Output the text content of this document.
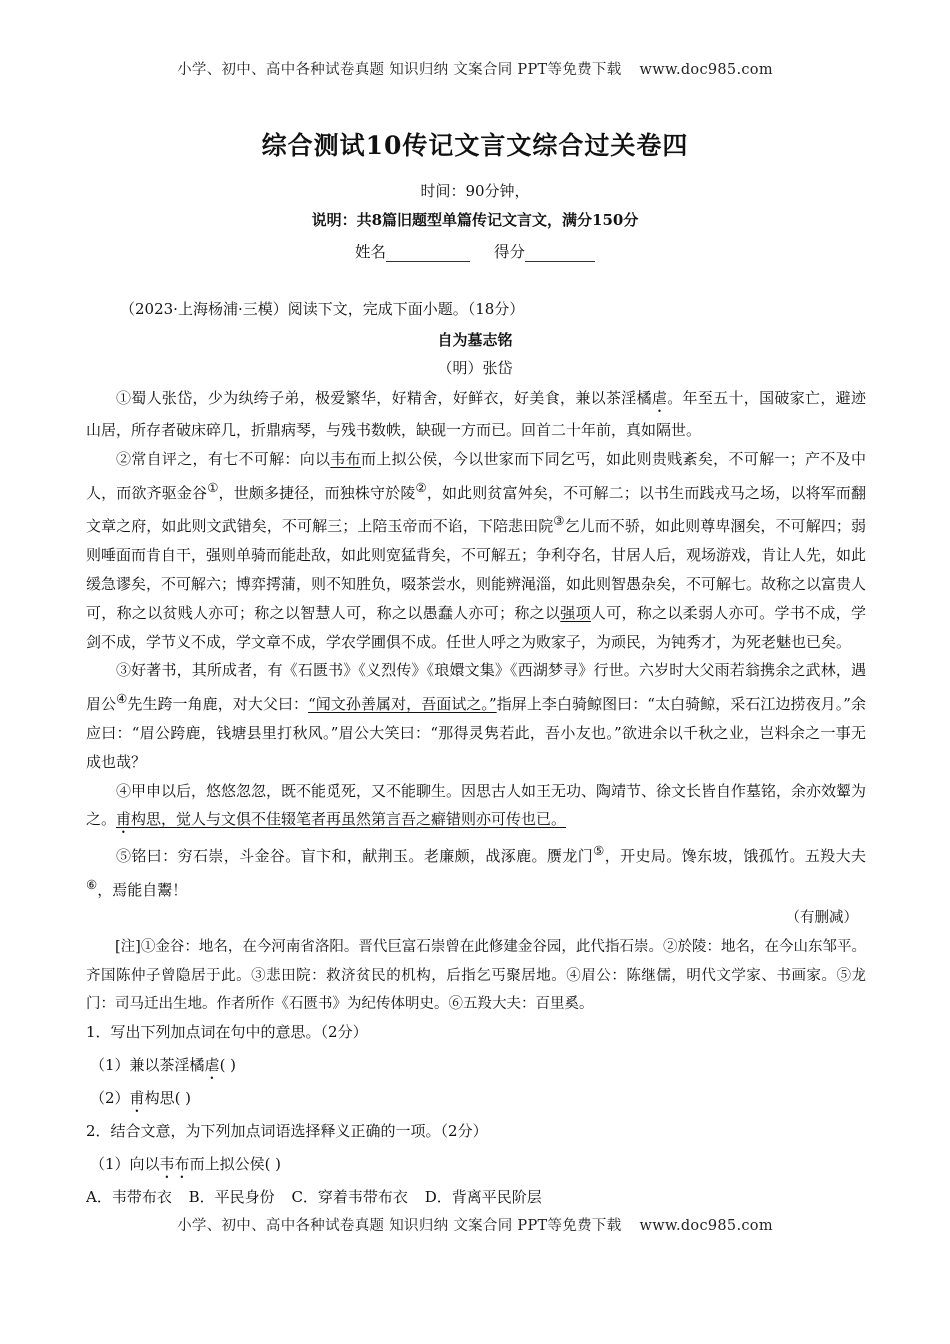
小学、初中、高中各种试卷真题 知识归纳 文案合同 PPT等免费下载 www.doc985.com
综合测试10传记文言文综合过关卷四
时间：90分钟，
说明：共8篇旧题型单篇传记文言文，满分150分
姓名	得分
（2023·上海杨浦·三模）阅读下文，完成下面小题。（18分）
自为墓志铭
（明）张岱

①蜀人张岱，少为纨绔子弟，极爱繁华，好精舍，好鲜衣，好美食，兼以茶淫橘虐。年至五十，国破家亡，避迹山居，所存者破床碎几，折鼎病琴，与残书数帙，缺砚一方而已。回首二十年前，真如隔世。

②常自评之，有七不可解：向以韦布而上拟公侯，今以世家而下同乞丐，如此则贵贱紊矣，不可解一；产不及中人，而欲齐驱金谷①，世颇多捷径，而独株守於陵②，如此则贫富舛矣，不可解二；以书生而践戎马之场，以将军而翻文章之府，如此则文武错矣，不可解三；上陪玉帝而不谄，下陪悲田院③乞儿而不骄，如此则尊卑溷矣，不可解四；弱则唾面而肯自干，强则单骑而能赴敌，如此则宽猛背矣，不可解五；争利夺名，甘居人后，观场游戏，肯让人先，如此缓急谬矣，不可解六；博弈摴蒲，则不知胜负，啜茶尝水，则能辨渑淄，如此则智愚杂矣，不可解七。故称之以富贵人可，称之以贫贱人亦可；称之以智慧人可，称之以愚蠢人亦可；称之以强项人可，称之以柔弱人亦可。学书不成，学剑不成，学节义不成，学文章不成，学农学圃俱不成。任世人呼之为败家子，为顽民，为钝秀才，为死老魅也已矣。

③好著书，其所成者，有《石匮书》《义烈传》《琅嬛文集》《西湖梦寻》行世。六岁时大父雨若翁携余之武林，遇眉公④先生跨一角鹿，对大父曰：“闻文孙善属对，吾面试之。”指屏上李白骑鲸图曰：“太白骑鲸，采石江边捞夜月。”余应曰：“眉公跨鹿，钱塘县里打秋风。”眉公大笑曰：“那得灵隽若此，吾小友也。”欲进余以千秋之业，岂料余之一事无成也哉？

④甲申以后，悠悠忽忽，既不能觅死，又不能聊生。因思古人如王无功、陶靖节、徐文长皆自作墓铭，余亦效颦为之。甫构思，觉人与文俱不佳辍笔者再虽然第言吾之癖错则亦可传也已。

⑤铭曰：穷石崇，斗金谷。盲卞和，献荆玉。老廉颇，战涿鹿。赝龙门⑤，开史局。馋东坡，饿孤竹。五羖大夫⑥，焉能自鬻！

（有删减）
[注]①金谷：地名，在今河南省洛阳。晋代巨富石崇曾在此修建金谷园，此代指石崇。②於陵：地名，在今山东邹平。齐国陈仲子曾隐居于此。③悲田院：救济贫民的机构，后指乞丐聚居地。④眉公：陈继儒，明代文学家、书画家。⑤龙门：司马迁出生地。作者所作《石匮书》为纪传体明史。⑥五羖大夫：百里奚。
1．写出下列加点词在句中的意思。（2分）
（1）兼以茶淫橘虐( )
（2）甫构思( )
2．结合文意，为下列加点词语选择释义正确的一项。（2分）
（1）向以韦布而上拟公侯( )
A．韦带布衣 B．平民身份 C．穿着韦带布衣 D．背离平民阶层
小学、初中、高中各种试卷真题 知识归纳 文案合同 PPT等免费下载 www.doc985.com
